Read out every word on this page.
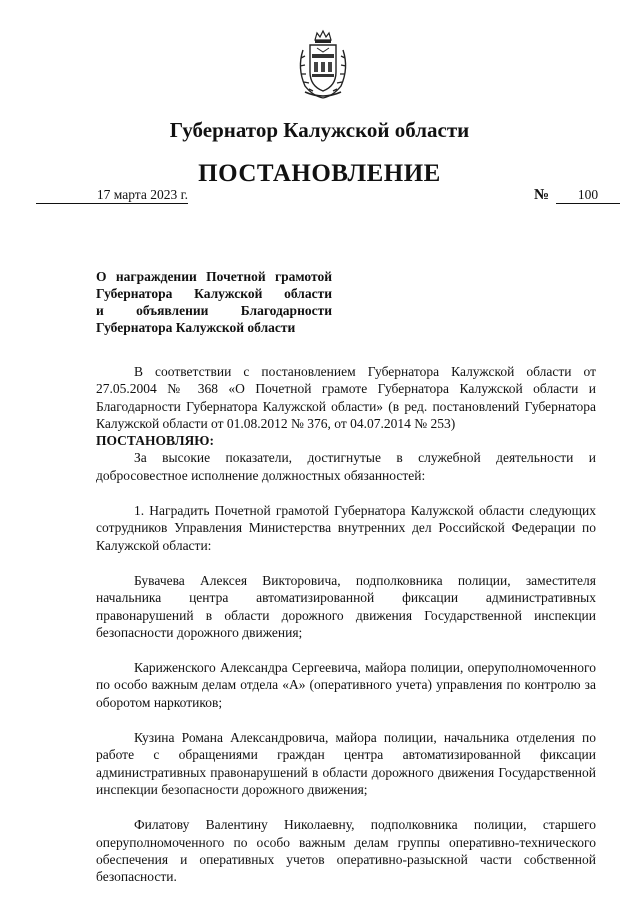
Губернатор Калужской области
ПОСТАНОВЛЕНИЕ
17 марта 2023 г.	№	100
О награждении Почетной грамотой
Губернатора Калужской области
и объявлении Благодарности
Губернатора Калужской области

В соответствии с постановлением Губернатора Калужской области от 27.05.2004 № 368 «О Почетной грамоте Губернатора Калужской области и Благодарности Губернатора Калужской области» (в ред. постановлений Губернатора Калужской области от 01.08.2012 № 376, от 04.07.2014 № 253)

ПОСТАНОВЛЯЮ:

За высокие показатели, достигнутые в служебной деятельности и добросовестное исполнение должностных обязанностей:

1. Наградить Почетной грамотой Губернатора Калужской области следующих сотрудников Управления Министерства внутренних дел Российской Федерации по Калужской области:

Бувачева Алексея Викторовича, подполковника полиции, заместителя начальника центра автоматизированной фиксации административных правонарушений в области дорожного движения Государственной инспекции безопасности дорожного движения;

Кариженского Александра Сергеевича, майора полиции, оперуполномоченного по особо важным делам отдела «А» (оперативного учета) управления по контролю за оборотом наркотиков;

Кузина Романа Александровича, майора полиции, начальника отделения по работе с обращениями граждан центра автоматизированной фиксации административных правонарушений в области дорожного движения Государственной инспекции безопасности дорожного движения;

Филатову Валентину Николаевну, подполковника полиции, старшего оперуполномоченного по особо важным делам группы оперативно-технического обеспечения и оперативных учетов оперативно-разыскной части собственной безопасности.
